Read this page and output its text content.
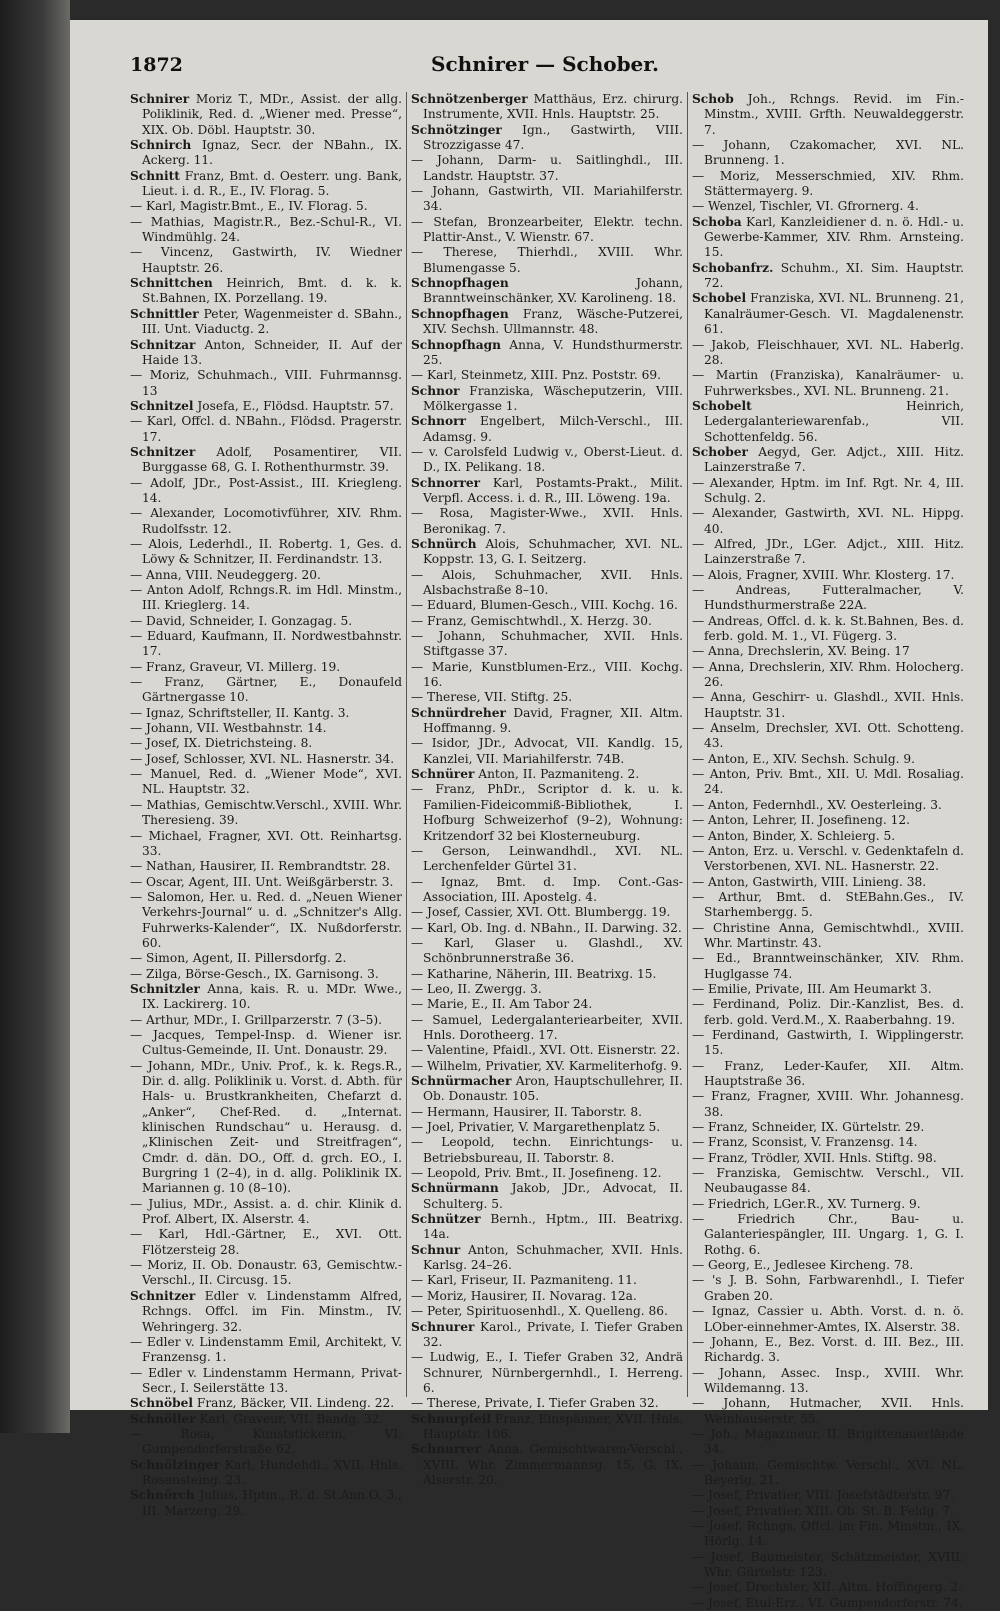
1872	Schnirer — Schober.

Schnirer Moriz T., MDr., Assist. der allg. Poliklinik, Red. d. „Wiener med. Presse“, XIX. Ob. Döbl. Hauptstr. 30.

Schnirch Ignaz, Secr. der NBahn., IX. Ackerg. 11.

Schnitt Franz, Bmt. d. Oesterr. ung. Bank, Lieut. i. d. R., E., IV. Florag. 5.

— Karl, Magistr.Bmt., E., IV. Florag. 5.

— Mathias, Magistr.R., Bez.-Schul-R., VI. Windmühlg. 24.

— Vincenz, Gastwirth, IV. Wiedner Hauptstr. 26.

Schnittchen Heinrich, Bmt. d. k. k. St.Bahnen, IX. Porzellang. 19.

Schnittler Peter, Wagenmeister d. SBahn., III. Unt. Viaductg. 2.

Schnitzar Anton, Schneider, II. Auf der Haide 13.

— Moriz, Schuhmach., VIII. Fuhrmannsg. 13

Schnitzel Josefa, E., Flödsd. Hauptstr. 57.

— Karl, Offcl. d. NBahn., Flödsd. Pragerstr. 17.

Schnitzer Adolf, Posamentirer, VII. Burggasse 68, G. I. Rothenthurmstr. 39.

— Adolf, JDr., Post-Assist., III. Kriegleng. 14.

— Alexander, Locomotivführer, XIV. Rhm. Rudolfsstr. 12.

— Alois, Lederhdl., II. Robertg. 1, Ges. d. Löwy & Schnitzer, II. Ferdinandstr. 13.

— Anna, VIII. Neudeggerg. 20.

— Anton Adolf, Rchngs.R. im Hdl. Minstm., III. Krieglerg. 14.

— David, Schneider, I. Gonzagag. 5.

— Eduard, Kaufmann, II. Nordwestbahnstr. 17.

— Franz, Graveur, VI. Millerg. 19.

— Franz, Gärtner, E., Donaufeld Gärtnergasse 10.

— Ignaz, Schriftsteller, II. Kantg. 3.

— Johann, VII. Westbahnstr. 14.

— Josef, IX. Dietrichsteing. 8.

— Josef, Schlosser, XVI. NL. Hasnerstr. 34.

— Manuel, Red. d. „Wiener Mode“, XVI. NL. Hauptstr. 32.

— Mathias, Gemischtw.Verschl., XVIII. Whr. Theresieng. 39.

— Michael, Fragner, XVI. Ott. Reinhartsg. 33.

— Nathan, Hausirer, II. Rembrandtstr. 28.

— Oscar, Agent, III. Unt. Weißgärberstr. 3.

— Salomon, Her. u. Red. d. „Neuen Wiener Verkehrs-Journal“ u. d. „Schnitzer's Allg. Fuhrwerks-Kalender“, IX. Nußdorferstr. 60.

— Simon, Agent, II. Pillersdorfg. 2.

— Zilga, Börse-Gesch., IX. Garnisong. 3.

Schnitzler Anna, kais. R. u. MDr. Wwe., IX. Lackirerg. 10.

— Arthur, MDr., I. Grillparzerstr. 7 (3–5).

— Jacques, Tempel-Insp. d. Wiener isr. Cultus-Gemeinde, II. Unt. Donaustr. 29.

— Johann, MDr., Univ. Prof., k. k. Regs.R., Dir. d. allg. Poliklinik u. Vorst. d. Abth. für Hals- u. Brustkrankheiten, Chefarzt d. „Anker“, Chef-Red. d. „Internat. klinischen Rundschau“ u. Herausg. d. „Klinischen Zeit- und Streitfragen“, Cmdr. d. dän. DO., Off. d. grch. EO., I. Burgring 1 (2–4), in d. allg. Poliklinik IX. Mariannen g. 10 (8–10).

— Julius, MDr., Assist. a. d. chir. Klinik d. Prof. Albert, IX. Alserstr. 4.

— Karl, Hdl.-Gärtner, E., XVI. Ott. Flötzersteig 28.

— Moriz, II. Ob. Donaustr. 63, Gemischtw.-Verschl., II. Circusg. 15.

Schnitzer Edler v. Lindenstamm Alfred, Rchngs. Offcl. im Fin. Minstm., IV. Wehringerg. 32.

— Edler v. Lindenstamm Emil, Architekt, V. Franzensg. 1.

— Edler v. Lindenstamm Hermann, Privat-Secr., I. Seilerstätte 13.

Schnöbel Franz, Bäcker, VII. Lindeng. 22.

Schnöller Karl, Graveur, VII. Bandg. 32.

— Rosa, Kunststickerin, VI. Gumpendorferstraße 62.

Schnölzinger Karl, Hundehdl., XVII. Hnls. Rosensteing. 23.

Schnörch Julius, Hptm., R. d. St.Ann.O. 3., III. Marzerg. 29.

Schnötzenberger Matthäus, Erz. chirurg. Instrumente, XVII. Hnls. Hauptstr. 25.

Schnötzinger Ign., Gastwirth, VIII. Strozzigasse 47.

— Johann, Darm- u. Saitlinghdl., III. Landstr. Hauptstr. 37.

— Johann, Gastwirth, VII. Mariahilferstr. 34.

— Stefan, Bronzearbeiter, Elektr. techn. Plattir-Anst., V. Wienstr. 67.

— Therese, Thierhdl., XVIII. Whr. Blumengasse 5.

Schnopfhagen	Johann, Branntweinschänker, XV. Karolineng. 18.

Schnopfhagen Franz, Wäsche-Putzerei, XIV. Sechsh. Ullmannstr. 48.

Schnopfhagn Anna, V. Hundsthurmerstr. 25.

— Karl, Steinmetz, XIII. Pnz. Poststr. 69.

Schnor Franziska, Wäscheputzerin, VIII. Mölkergasse 1.

Schnorr Engelbert, Milch-Verschl., III. Adamsg. 9.

— v. Carolsfeld Ludwig v., Oberst-Lieut. d. D., IX. Pelikang. 18.

Schnorrer Karl, Postamts-Prakt., Milit. Verpfl. Access. i. d. R., III. Löweng. 19a.

— Rosa, Magister-Wwe., XVII. Hnls. Beronikag. 7.

Schnürch Alois, Schuhmacher, XVI. NL. Koppstr. 13, G. I. Seitzerg.

— Alois, Schuhmacher, XVII. Hnls. Alsbachstraße 8–10.

— Eduard, Blumen-Gesch., VIII. Kochg. 16.

— Franz, Gemischtwhdl., X. Herzg. 30.

— Johann, Schuhmacher, XVII. Hnls. Stiftgasse 37.

— Marie, Kunstblumen-Erz., VIII. Kochg. 16.

— Therese, VII. Stiftg. 25.

Schnürdreher David, Fragner, XII. Altm. Hoffmanng. 9.

— Isidor, JDr., Advocat, VII. Kandlg. 15, Kanzlei, VII. Mariahilferstr. 74B.

Schnürer Anton, II. Pazmaniteng. 2.

— Franz, PhDr., Scriptor d. k. u. k. Familien-Fideicommiß-Bibliothek, I. Hofburg Schweizerhof (9–2), Wohnung: Kritzendorf 32 bei Klosterneuburg.

— Gerson, Leinwandhdl., XVI. NL. Lerchenfelder Gürtel 31.

— Ignaz, Bmt. d. Imp. Cont.-Gas-Association, III. Apostelg. 4.

— Josef, Cassier, XVI. Ott. Blumbergg. 19.

— Karl, Ob. Ing. d. NBahn., II. Darwing. 32.

— Karl, Glaser u. Glashdl., XV. Schönbrunnerstraße 36.

— Katharine, Näherin, III. Beatrixg. 15.

— Leo, II. Zwergg. 3.

— Marie, E., II. Am Tabor 24.

— Samuel, Ledergalanteriearbeiter, XVII. Hnls. Dorotheerg. 17.

— Valentine, Pfaidl., XVI. Ott. Eisnerstr. 22.

— Wilhelm, Privatier, XV. Karmeliterhofg. 9.

Schnürmacher Aron, Hauptschullehrer, II. Ob. Donaustr. 105.

— Hermann, Hausirer, II. Taborstr. 8.

— Joel, Privatier, V. Margarethenplatz 5.

— Leopold, techn. Einrichtungs- u. Betriebsbureau, II. Taborstr. 8.

— Leopold, Priv. Bmt., II. Josefineng. 12.

Schnürmann Jakob, JDr., Advocat, II. Schulterg. 5.

Schnützer Bernh., Hptm., III. Beatrixg. 14a.

Schnur Anton, Schuhmacher, XVII. Hnls. Karlsg. 24–26.

— Karl, Friseur, II. Pazmaniteng. 11.

— Moriz, Hausirer, II. Novarag. 12a.

— Peter, Spirituosenhdl., X. Quelleng. 86.

Schnurer Karol., Private, I. Tiefer Graben 32.

— Ludwig, E., I. Tiefer Graben 32, Andrä Schnurer, Nürnbergernhdl., I. Herreng. 6.

— Therese, Private, I. Tiefer Graben 32.

Schnurpfeil Franz, Einspänner, XVII. Hnls. Hauptstr. 106.

Schnurrer Anna, Gemischtwaren-Verschl., XVIII. Whr. Zimmermannsg. 15, G. IX. Alserstr. 20.

Schob Joh., Rchngs. Revid. im Fin.-Minstm., XVIII. Grfth. Neuwaldeggerstr. 7.

— Johann, Czakomacher, XVI. NL. Brunneng. 1.

— Moriz, Messerschmied, XIV. Rhm. Stättermayerg. 9.

— Wenzel, Tischler, VI. Gfrornerg. 4.

Schoba Karl, Kanzleidiener d. n. ö. Hdl.- u. Gewerbe-Kammer, XIV. Rhm. Arnsteing. 15.

Schobanfrz. Schuhm., XI. Sim. Hauptstr. 72.

Schobel Franziska, XVI. NL. Brunneng. 21, Kanalräumer-Gesch. VI. Magdalenenstr. 61.

— Jakob, Fleischhauer, XVI. NL. Haberlg. 28.

— Martin (Franziska), Kanalräumer- u. Fuhrwerksbes., XVI. NL. Brunneng. 21.

Schobelt	Heinrich, Ledergalanteriewarenfab., VII. Schottenfeldg. 56.

Schober Aegyd, Ger. Adjct., XIII. Hitz. Lainzerstraße 7.

— Alexander, Hptm. im Inf. Rgt. Nr. 4, III. Schulg. 2.

— Alexander, Gastwirth, XVI. NL. Hippg. 40.

— Alfred, JDr., LGer. Adjct., XIII. Hitz. Lainzerstraße 7.

— Alois, Fragner, XVIII. Whr. Klosterg. 17.

— Andreas, Futteralmacher, V. Hundsthurmerstraße 22A.

— Andreas, Offcl. d. k. k. St.Bahnen, Bes. d. ferb. gold. M. 1., VI. Fügerg. 3.

— Anna, Drechslerin, XV. Being. 17

— Anna, Drechslerin, XIV. Rhm. Holocherg. 26.

— Anna, Geschirr- u. Glashdl., XVII. Hnls. Hauptstr. 31.

— Anselm, Drechsler, XVI. Ott. Schotteng. 43.

— Anton, E., XIV. Sechsh. Schulg. 9.

— Anton, Priv. Bmt., XII. U. Mdl. Rosaliag. 24.

— Anton, Federnhdl., XV. Oesterleing. 3.

— Anton, Lehrer, II. Josefineng. 12.

— Anton, Binder, X. Schleierg. 5.

— Anton, Erz. u. Verschl. v. Gedenktafeln d. Verstorbenen, XVI. NL. Hasnerstr. 22.

— Anton, Gastwirth, VIII. Linieng. 38.

— Arthur, Bmt. d. StEBahn.Ges., IV. Starhembergg. 5.

— Christine Anna, Gemischtwhdl., XVIII. Whr. Martinstr. 43.

— Ed., Branntweinschänker, XIV. Rhm. Huglgasse 74.

— Emilie, Private, III. Am Heumarkt 3.

— Ferdinand, Poliz. Dir.-Kanzlist, Bes. d. ferb. gold. Verd.M., X. Raaberbahng. 19.

— Ferdinand, Gastwirth, I. Wipplingerstr. 15.

— Franz, Leder-Kaufer, XII. Altm. Hauptstraße 36.

— Franz, Fragner, XVIII. Whr. Johannesg. 38.

— Franz, Schneider, IX. Gürtelstr. 29.

— Franz, Sconsist, V. Franzensg. 14.

— Franz, Trödler, XVII. Hnls. Stiftg. 98.

— Franziska, Gemischtw. Verschl., VII. Neubaugasse 84.

— Friedrich, LGer.R., XV. Turnerg. 9.

— Friedrich Chr., Bau- u. Galanteriespängler, III. Ungarg. 1, G. I. Rothg. 6.

— Georg, E., Jedlesee Kircheng. 78.

— 's J. B. Sohn, Farbwarenhdl., I. Tiefer Graben 20.

— Ignaz, Cassier u. Abth. Vorst. d. n. ö. LOber-einnehmer-Amtes, IX. Alserstr. 38.

— Johann, E., Bez. Vorst. d. III. Bez., III. Richardg. 3.

— Johann, Assec. Insp., XVIII. Whr. Wildemanng. 13.

— Johann, Hutmacher, XVII. Hnls. Weinhauserstr. 55.

— Joh., Magazineur, II. Brigittenauerlände 34.

— Johann, Gemischtw. Verschl., XVI. NL. Beyerlg. 21.

— Josef, Privatier, VIII. Josefstädterstr. 97.

— Josef, Privatier, XIII. Ob. St. B. Feldg. 7.

— Josef, Rchngs. Offcl. im Fin. Minstm., IX. Hörlg. 14.

— Josef, Baumeister, Schätzmeister, XVIII. Whr. Gürtelstr. 123.

— Josef, Drechsler, XII. Altm. Hoffingerg. 2.

— Josef, Etui-Erz., VI. Gumpendorferstr. 74.
